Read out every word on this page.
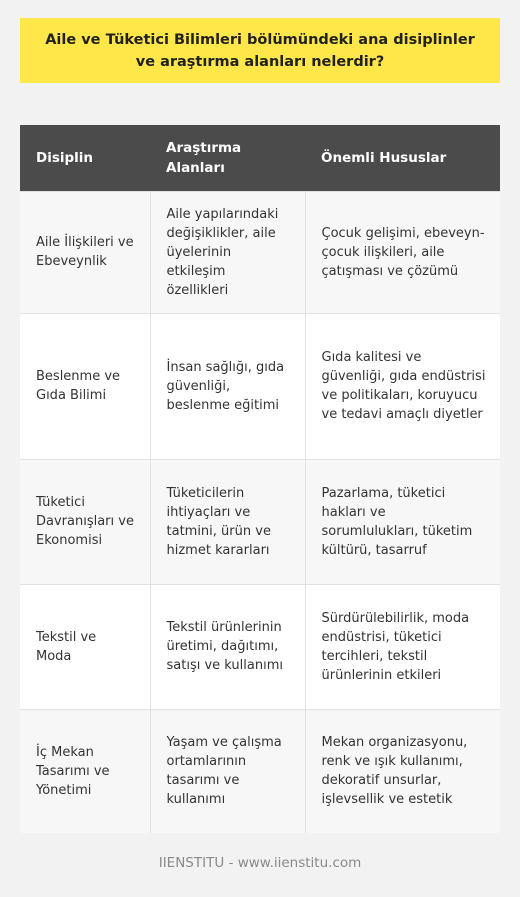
Aile ve Tüketici Bilimleri bölümündeki ana disiplinler ve araştırma alanları nelerdir?
Disiplin	Araştırma Alanları	Önemli Hususlar
Aile İlişkileri ve Ebeveynlik	Aile yapılarındaki değişiklikler, aile üyelerinin etkileşim özellikleri	Çocuk gelişimi, ebeveyn-çocuk ilişkileri, aile çatışması ve çözümü
Beslenme ve Gıda Bilimi	İnsan sağlığı, gıda güvenliği, beslenme eğitimi	Gıda kalitesi ve güvenliği, gıda endüstrisi ve politikaları, koruyucu ve tedavi amaçlı diyetler
Tüketici Davranışları ve Ekonomisi	Tüketicilerin ihtiyaçları ve tatmini, ürün ve hizmet kararları	Pazarlama, tüketici hakları ve sorumlulukları, tüketim kültürü, tasarruf
Tekstil ve Moda	Tekstil ürünlerinin üretimi, dağıtımı, satışı ve kullanımı	Sürdürülebilirlik, moda endüstrisi, tüketici tercihleri, tekstil ürünlerinin etkileri
İç Mekan Tasarımı ve Yönetimi	Yaşam ve çalışma ortamlarının tasarımı ve kullanımı	Mekan organizasyonu, renk ve ışık kullanımı, dekoratif unsurlar, işlevsellik ve estetik
IIENSTITU - www.iienstitu.com
